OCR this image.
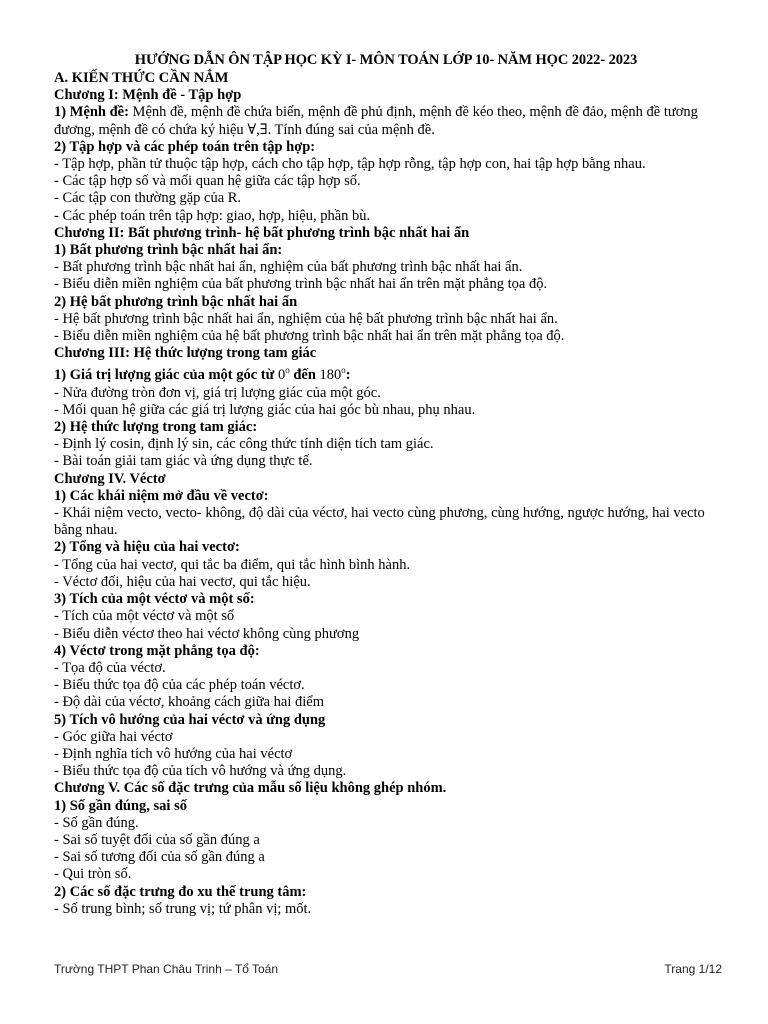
HƯỚNG DẪN ÔN TẬP HỌC KỲ I- MÔN TOÁN LỚP 10- NĂM HỌC 2022- 2023
A. KIẾN THỨC CẦN NẮM
Chương I: Mệnh đề - Tập hợp
1) Mệnh đề: Mệnh đề, mệnh đề chứa biến, mệnh đề phủ định, mệnh đề kéo theo, mệnh đề đảo, mệnh đề tương đương, mệnh đề có chứa ký hiệu ∀,∃. Tính đúng sai của mệnh đề.
2) Tập hợp và các phép toán trên tập hợp:
- Tập hợp, phần tử thuộc tập hợp, cách cho tập hợp, tập hợp rỗng, tập hợp con, hai tập hợp bằng nhau.
- Các tập hợp số và mối quan hệ giữa các tập hợp số.
- Các tập con thường gặp của R.
- Các phép toán trên tập hợp: giao, hợp, hiệu, phần bù.
Chương II: Bất phương trình- hệ bất phương trình bậc nhất hai ẩn
1) Bất phương trình bậc nhất hai ẩn:
- Bất phương trình bậc nhất hai ẩn, nghiệm của bất phương trình bậc nhất hai ẩn.
- Biểu diễn miền nghiệm của bất phương trình bậc nhất hai ẩn trên mặt phẳng tọa độ.
2) Hệ bất phương trình bậc nhất hai ẩn
- Hệ bất phương trình bậc nhất hai ẩn, nghiệm của hệ bất phương trình bậc nhất hai ẩn.
- Biểu diễn miền nghiệm của hệ bất phương trình bậc nhất hai ẩn trên mặt phẳng tọa độ.
Chương III: Hệ thức lượng trong tam giác
1) Giá trị lượng giác của một góc từ 0$^o$ đến 180$^o$:
- Nửa đường tròn đơn vị, giá trị lượng giác của một góc.
- Mối quan hệ giữa các giá trị lượng giác của hai góc bù nhau, phụ nhau.
2) Hệ thức lượng trong tam giác:
- Định lý cosin, định lý sin, các công thức tính diện tích tam giác.
- Bài toán giải tam giác và ứng dụng thực tế.
Chương IV. Véctơ
1) Các khái niệm mở đầu về vectơ:
- Khái niệm vecto, vecto- không, độ dài của véctơ, hai vecto cùng phương, cùng hướng, ngược hướng, hai vecto bằng nhau.
2) Tổng và hiệu của hai vectơ:
- Tổng của hai vectơ, qui tắc ba điểm, qui tắc hình bình hành.
- Véctơ đối, hiệu của hai vectơ, qui tắc hiệu.
3) Tích của một véctơ và một số:
- Tích của một véctơ và một số
- Biểu diễn véctơ theo hai véctơ không cùng phương
4) Véctơ trong mặt phẳng tọa độ:
- Tọa độ của véctơ.
- Biểu thức tọa độ của các phép toán véctơ.
- Độ dài của véctơ, khoảng cách giữa hai điểm
5) Tích vô hướng của hai véctơ và ứng dụng
- Góc giữa hai véctơ
- Định nghĩa tích vô hướng của hai véctơ
- Biểu thức tọa độ của tích vô hướng và ứng dụng.
Chương V. Các số đặc trưng của mẫu số liệu không ghép nhóm.
1) Số gần đúng, sai số
- Số gần đúng.
- Sai số tuyệt đối của số gần đúng a
- Sai số tương đối của số gần đúng a
- Qui tròn số.
2) Các số đặc trưng đo xu thế trung tâm:
- Số trung bình; số trung vị; tứ phân vị; mốt.
Trường THPT Phan Châu Trinh – Tổ Toán	Trang 1/12
